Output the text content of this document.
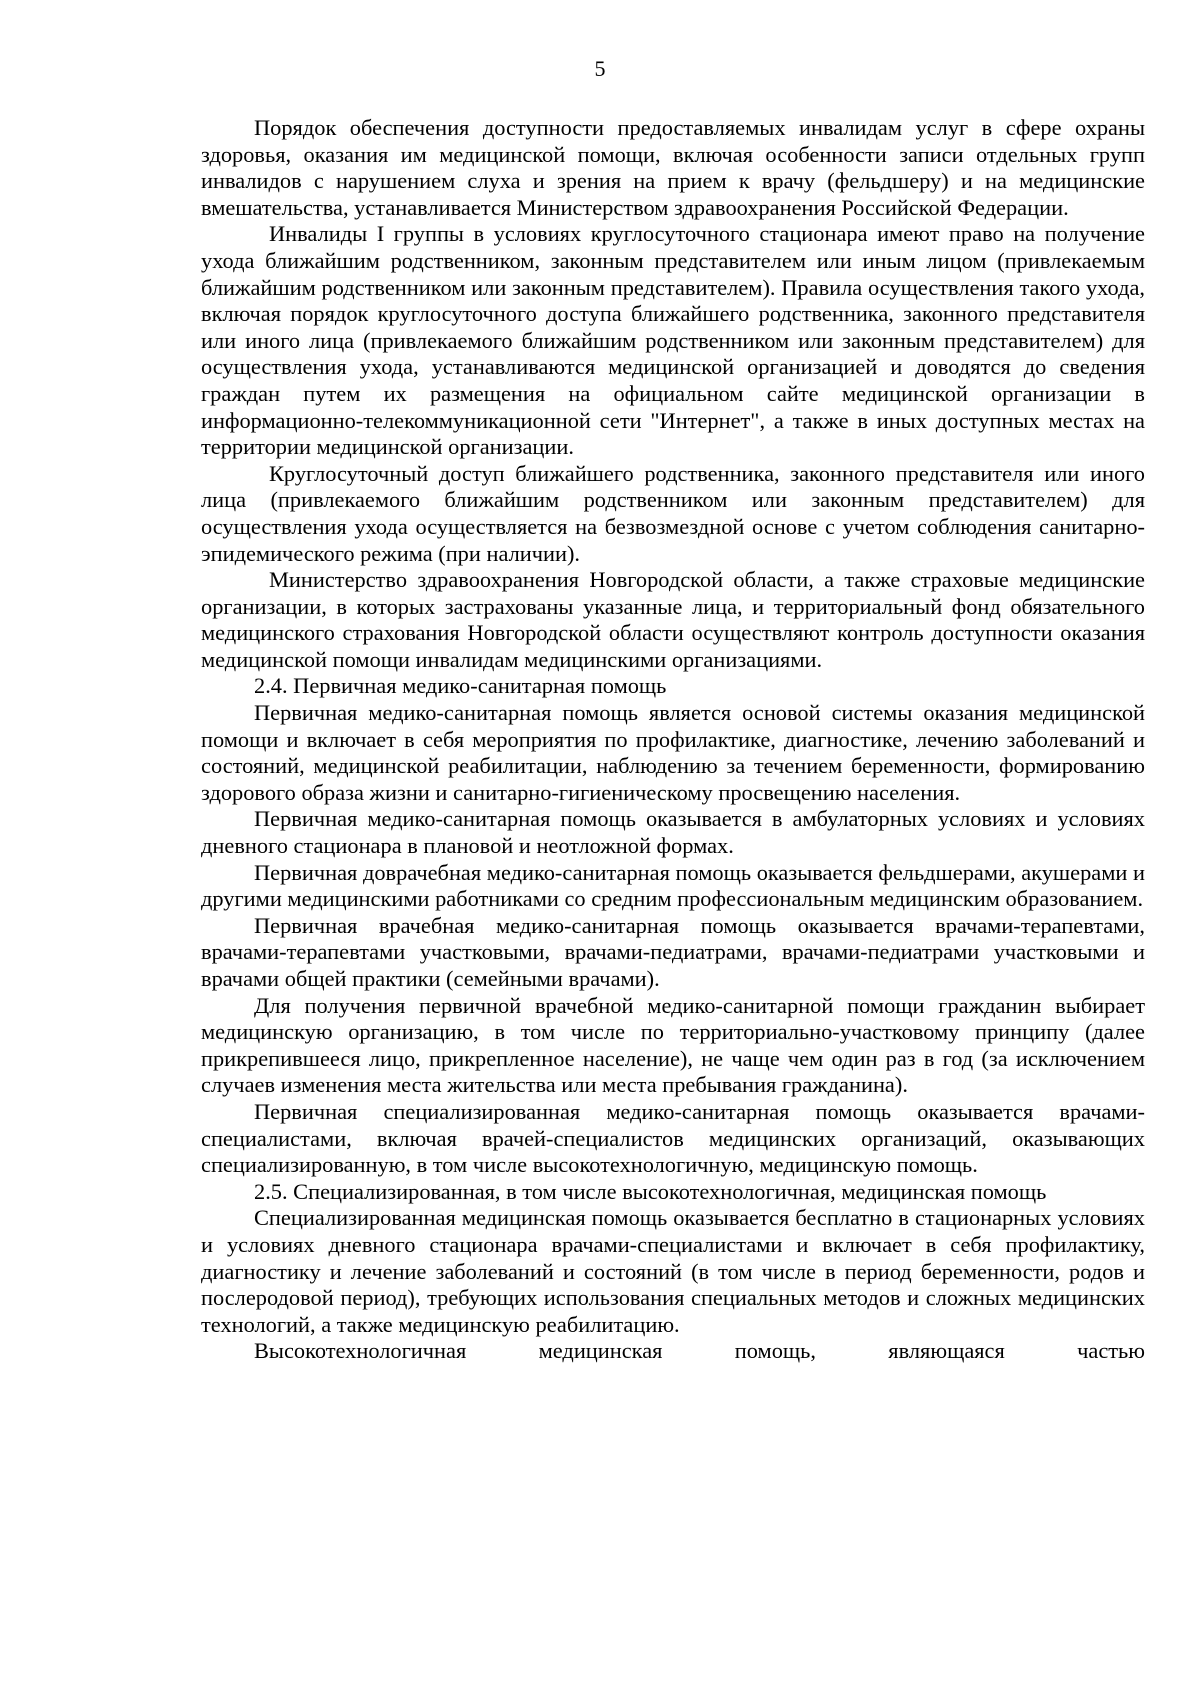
5

Порядок обеспечения доступности предоставляемых инвалидам услуг в сфере охраны здоровья, оказания им медицинской помощи, включая особенности записи отдельных групп инвалидов с нарушением слуха и зрения на прием к врачу (фельдшеру) и на медицинские вмешательства, устанавливается Министерством здравоохранения Российской Федерации.

Инвалиды I группы в условиях круглосуточного стационара имеют право на получение ухода ближайшим родственником, законным представителем или иным лицом (привлекаемым ближайшим родственником или законным представителем). Правила осуществления такого ухода, включая порядок круглосуточного доступа ближайшего родственника, законного представителя или иного лица (привлекаемого ближайшим родственником или законным представителем) для осуществления ухода, устанавливаются медицинской организацией и доводятся до сведения граждан путем их размещения на официальном сайте медицинской организации в информационно-телекоммуникационной сети "Интернет", а также в иных доступных местах на территории медицинской организации.

Круглосуточный доступ ближайшего родственника, законного представителя или иного лица (привлекаемого ближайшим родственником или законным представителем) для осуществления ухода осуществляется на безвозмездной основе с учетом соблюдения санитарно-эпидемического режима (при наличии).

Министерство здравоохранения Новгородской области, а также страховые медицинские организации, в которых застрахованы указанные лица, и территориальный фонд обязательного медицинского страхования Новгородской области осуществляют контроль доступности оказания медицинской помощи инвалидам медицинскими организациями.

2.4. Первичная медико-санитарная помощь

Первичная медико-санитарная помощь является основой системы оказания медицинской помощи и включает в себя мероприятия по профилактике, диагностике, лечению заболеваний и состояний, медицинской реабилитации, наблюдению за течением беременности, формированию здорового образа жизни и санитарно-гигиеническому просвещению населения.

Первичная медико-санитарная помощь оказывается в амбулаторных условиях и условиях дневного стационара в плановой и неотложной формах.

Первичная доврачебная медико-санитарная помощь оказывается фельдшерами, акушерами и другими медицинскими работниками со средним профессиональным медицинским образованием.

Первичная врачебная медико-санитарная помощь оказывается врачами-терапевтами, врачами-терапевтами участковыми, врачами-педиатрами, врачами-педиатрами участковыми и врачами общей практики (семейными врачами).

Для получения первичной врачебной медико-санитарной помощи гражданин выбирает медицинскую организацию, в том числе по территориально-участковому принципу (далее прикрепившееся лицо, прикрепленное население), не чаще чем один раз в год (за исключением случаев изменения места жительства или места пребывания гражданина).

Первичная специализированная медико-санитарная помощь оказывается врачами-специалистами, включая врачей-специалистов медицинских организаций, оказывающих специализированную, в том числе высокотехнологичную, медицинскую помощь.

2.5. Специализированная, в том числе высокотехнологичная, медицинская помощь

Специализированная медицинская помощь оказывается бесплатно в стационарных условиях и условиях дневного стационара врачами-специалистами и включает в себя профилактику, диагностику и лечение заболеваний и состояний (в том числе в период беременности, родов и послеродовой период), требующих использования специальных методов и сложных медицинских технологий, а также медицинскую реабилитацию.

Высокотехнологичная медицинская помощь, являющаяся частью
